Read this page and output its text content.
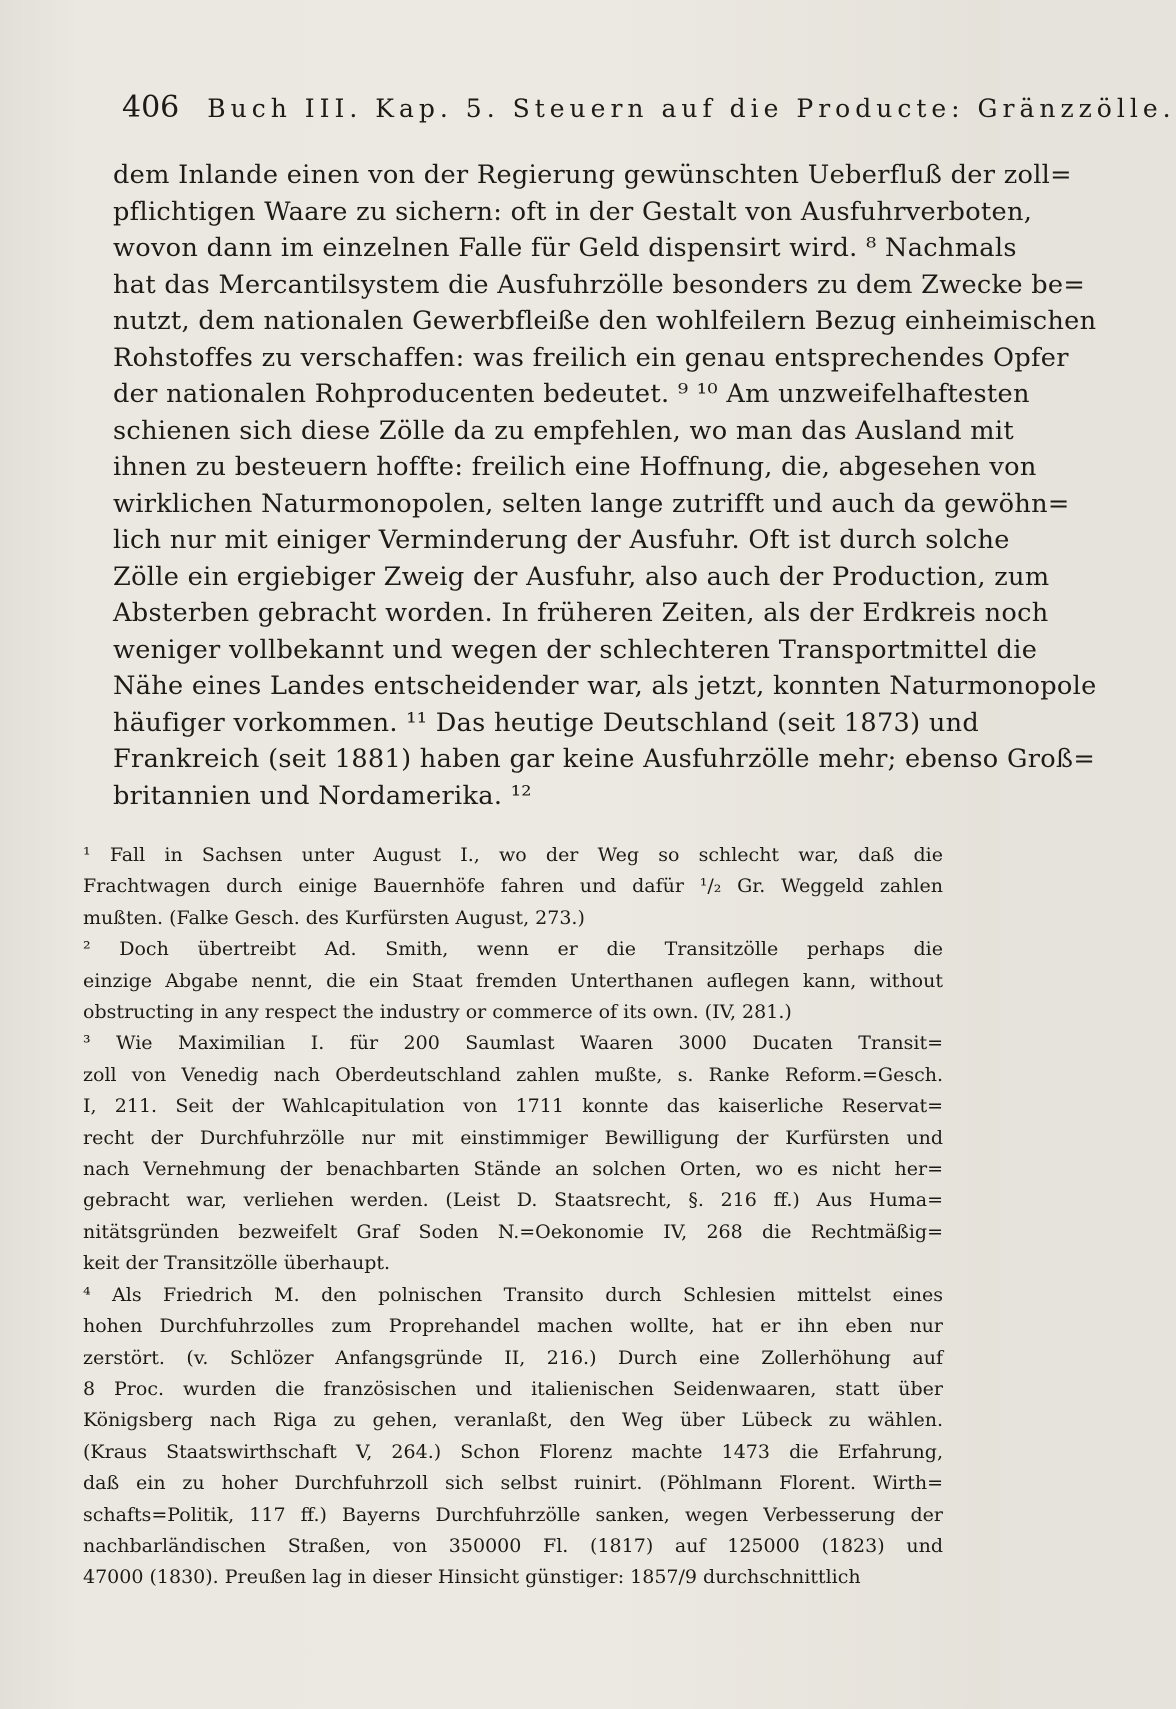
406 Buch III. Kap. 5. Steuern auf die Producte: Gränzzölle.
dem Inlande einen von der Regierung gewünschten Ueberfluß der zoll=
pflichtigen Waare zu sichern: oft in der Gestalt von Ausfuhrverboten,
wovon dann im einzelnen Falle für Geld dispensirt wird. ⁸ Nachmals
hat das Mercantilsystem die Ausfuhrzölle besonders zu dem Zwecke be=
nutzt, dem nationalen Gewerbfleiße den wohlfeilern Bezug einheimischen
Rohstoffes zu verschaffen: was freilich ein genau entsprechendes Opfer
der nationalen Rohproducenten bedeutet. ⁹ ¹⁰ Am unzweifelhaftesten
schienen sich diese Zölle da zu empfehlen, wo man das Ausland mit
ihnen zu besteuern hoffte: freilich eine Hoffnung, die, abgesehen von
wirklichen Naturmonopolen, selten lange zutrifft und auch da gewöhn=
lich nur mit einiger Verminderung der Ausfuhr. Oft ist durch solche
Zölle ein ergiebiger Zweig der Ausfuhr, also auch der Production, zum
Absterben gebracht worden. In früheren Zeiten, als der Erdkreis noch
weniger vollbekannt und wegen der schlechteren Transportmittel die
Nähe eines Landes entscheidender war, als jetzt, konnten Naturmonopole
häufiger vorkommen. ¹¹ Das heutige Deutschland (seit 1873) und
Frankreich (seit 1881) haben gar keine Ausfuhrzölle mehr; ebenso Groß=
britannien und Nordamerika. ¹²
¹ Fall in Sachsen unter August I., wo der Weg so schlecht war, daß die
Frachtwagen durch einige Bauernhöfe fahren und dafür ¹/₂ Gr. Weggeld zahlen
mußten. (Falke Gesch. des Kurfürsten August, 273.)
² Doch übertreibt Ad. Smith, wenn er die Transitzölle perhaps die
einzige Abgabe nennt, die ein Staat fremden Unterthanen auflegen kann, without
obstructing in any respect the industry or commerce of its own. (IV, 281.)
³ Wie Maximilian I. für 200 Saumlast Waaren 3000 Ducaten Transit=
zoll von Venedig nach Oberdeutschland zahlen mußte, s. Ranke Reform.=Gesch.
I, 211. Seit der Wahlcapitulation von 1711 konnte das kaiserliche Reservat=
recht der Durchfuhrzölle nur mit einstimmiger Bewilligung der Kurfürsten und
nach Vernehmung der benachbarten Stände an solchen Orten, wo es nicht her=
gebracht war, verliehen werden. (Leist D. Staatsrecht, §. 216 ff.) Aus Huma=
nitätsgründen bezweifelt Graf Soden N.=Oekonomie IV, 268 die Rechtmäßig=
keit der Transitzölle überhaupt.
⁴ Als Friedrich M. den polnischen Transito durch Schlesien mittelst eines
hohen Durchfuhrzolles zum Proprehandel machen wollte, hat er ihn eben nur
zerstört. (v. Schlözer Anfangsgründe II, 216.) Durch eine Zollerhöhung auf
8 Proc. wurden die französischen und italienischen Seidenwaaren, statt über
Königsberg nach Riga zu gehen, veranlaßt, den Weg über Lübeck zu wählen.
(Kraus Staatswirthschaft V, 264.) Schon Florenz machte 1473 die Erfahrung,
daß ein zu hoher Durchfuhrzoll sich selbst ruinirt. (Pöhlmann Florent. Wirth=
schafts=Politik, 117 ff.) Bayerns Durchfuhrzölle sanken, wegen Verbesserung der
nachbarländischen Straßen, von 350000 Fl. (1817) auf 125000 (1823) und
47000 (1830). Preußen lag in dieser Hinsicht günstiger: 1857/9 durchschnittlich
